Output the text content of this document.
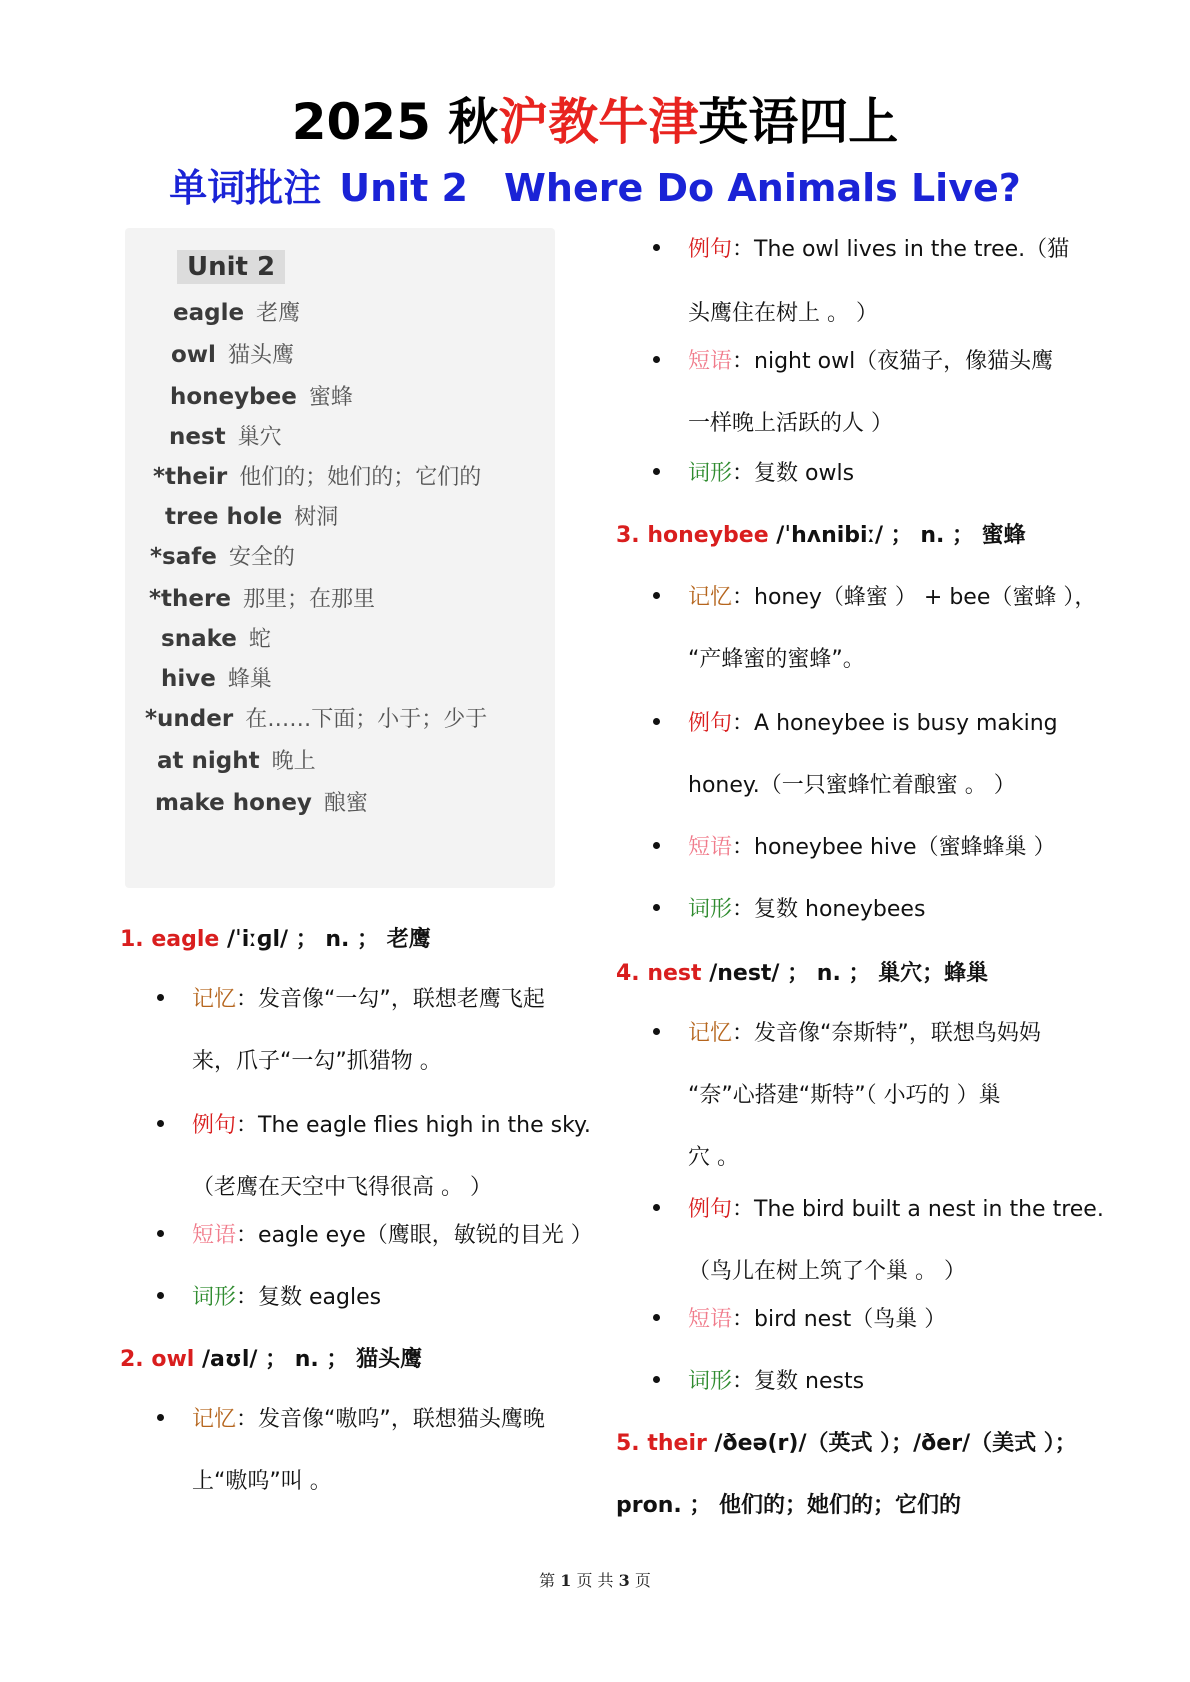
2025 秋沪教牛津英语四上
单词批注 Unit 2 Where Do Animals Live?
Unit 2
eagle 老鹰
owl 猫头鹰
honeybee 蜜蜂
nest 巢穴
*their 他们的；她们的；它们的
tree hole 树洞
*safe 安全的
*there 那里；在那里
snake 蛇
hive 蜂巢
*under 在……下面；小于；少于
at night 晚上
make honey 酿蜜
1. eagle /ˈiːɡl/ ； n. ； 老鹰
记忆：发音像“一勾”，联想老鹰飞起
来，爪子“一勾”抓猎物 。
例句：The eagle flies high in the sky.
（老鹰在天空中飞得很高 。 ）
短语：eagle eye（鹰眼，敏锐的目光 ）
词形：复数 eagles
2. owl /aʊl/ ； n. ； 猫头鹰
记忆：发音像“嗷呜”，联想猫头鹰晚
上“嗷呜”叫 。
例句：The owl lives in the tree.（猫
头鹰住在树上 。 ）
短语：night owl（夜猫子，像猫头鹰
一样晚上活跃的人 ）
词形：复数 owls
3. honeybee /ˈhʌnibiː/ ； n. ； 蜜蜂
记忆：honey（蜂蜜 ） + bee（蜜蜂 ），
“产蜂蜜的蜜蜂”。
例句：A honeybee is busy making
honey.（一只蜜蜂忙着酿蜜 。 ）
短语：honeybee hive（蜜蜂蜂巢 ）
词形：复数 honeybees
4. nest /nest/ ； n. ； 巢穴；蜂巢
记忆：发音像“奈斯特”，联想鸟妈妈
“奈”心搭建“斯特”（ 小巧的 ）巢
穴 。
例句：The bird built a nest in the tree.
（鸟儿在树上筑了个巢 。 ）
短语：bird nest（鸟巢 ）
词形：复数 nests
5. their /ðeə(r)/（英式 ）；/ðer/（美式 ）；
pron. ； 他们的；她们的；它们的
第 1 页 共 3 页
